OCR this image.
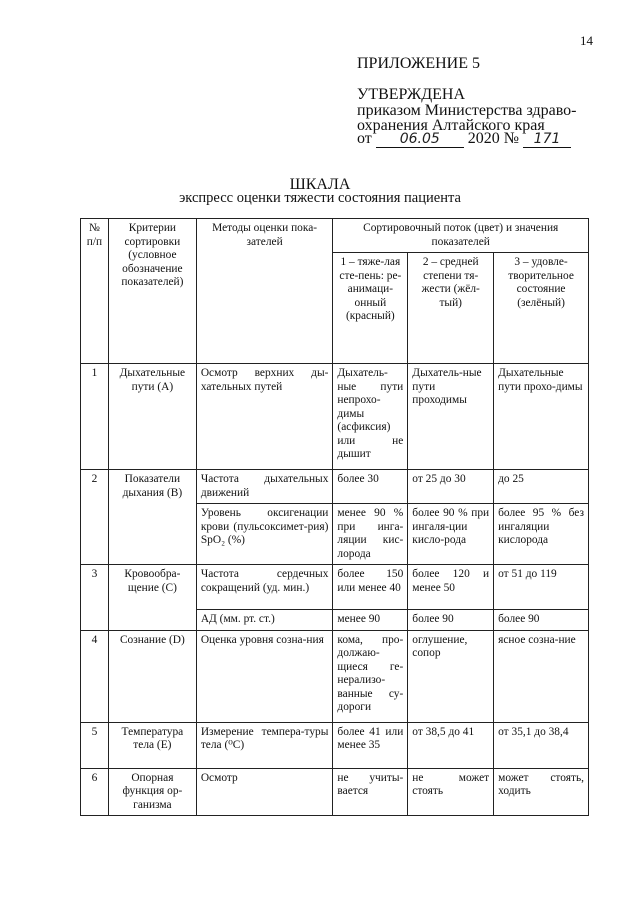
14
ПРИЛОЖЕНИЕ 5
УТВЕРЖДЕНА
приказом Министерства здраво-
охранения Алтайского края
от 06.05 2020 № 171
ШКАЛА
экспресс оценки тяжести состояния пациента
№ п/п	Критерии сортировки (условное обозначение показателей)	Методы оценки пока-зателей	Сортировочный поток (цвет) и значения показателей		
			1 – тяже-лая сте-пень: ре-анимаци-онный (красный)	2 – средней степени тя-жести (жёл-тый)	3 – удовле-творительное состояние (зелёный)
1	Дыхательные пути (А)	Осмотр верхних ды-хательных путей	Дыхатель-ные пути непрохо-димы (асфиксия) или не дышит	Дыхатель-ные пути проходимы	Дыхательные пути прохо-димы
2	Показатели дыхания (В)	Частота дыхательных движений	более 30	от 25 до 30	до 25
		Уровень оксигенации крови (пульсоксимет-рия) SpO₂ (%)	менее 90 % при инга-ляции кис-лорода	более 90 % при ингаля-ции кисло-рода	более 95 % без ингаляции кислорода
3	Кровообра-щение (С)	Частота сердечных сокращений (уд. мин.)	более 150 или менее 40	более 120 и менее 50	от 51 до 119
		АД (мм. рт. ст.)	менее 90	более 90	более 90
4	Сознание (D)	Оценка уровня созна-ния	кома, про-должаю-щиеся ге-нерализо-ванные су-дороги	оглушение, сопор	ясное созна-ние
5	Температура тела (Е)	Измерение темпера-туры тела (⁰С)	более 41 или менее 35	от 38,5 до 41	от 35,1 до 38,4
6	Опорная функция ор-ганизма	Осмотр	не учиты-вается	не может стоять	может стоять, ходить
